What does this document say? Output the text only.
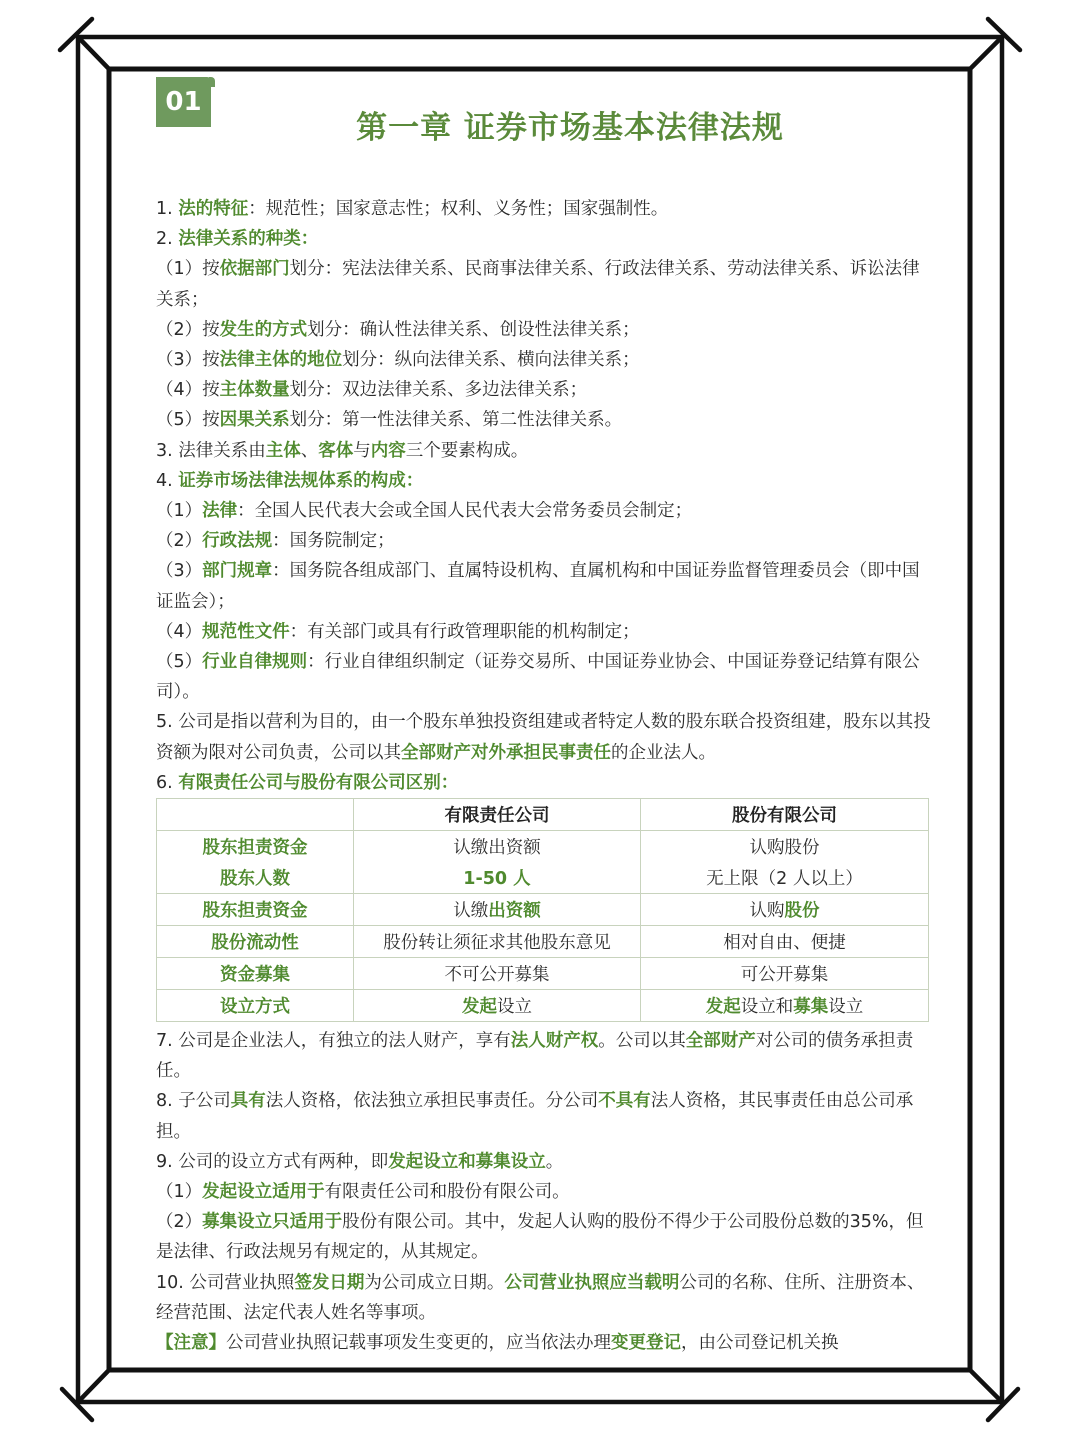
01
第一章 证券市场基本法律法规
1. 法的特征：规范性；国家意志性；权利、义务性；国家强制性。
2. 法律关系的种类：
（1）按依据部门划分：宪法法律关系、民商事法律关系、行政法律关系、劳动法律关系、诉讼法律关系；
（2）按发生的方式划分：确认性法律关系、创设性法律关系；
（3）按法律主体的地位划分：纵向法律关系、横向法律关系；
（4）按主体数量划分：双边法律关系、多边法律关系；
（5）按因果关系划分：第一性法律关系、第二性法律关系。
3. 法律关系由主体、客体与内容三个要素构成。
4. 证券市场法律法规体系的构成：
（1）法律：全国人民代表大会或全国人民代表大会常务委员会制定；
（2）行政法规：国务院制定；
（3）部门规章：国务院各组成部门、直属特设机构、直属机构和中国证券监督管理委员会（即中国证监会）；
（4）规范性文件：有关部门或具有行政管理职能的机构制定；
（5）行业自律规则：行业自律组织制定（证券交易所、中国证券业协会、中国证券登记结算有限公司）。
5. 公司是指以营利为目的，由一个股东单独投资组建或者特定人数的股东联合投资组建，股东以其投资额为限对公司负责，公司以其全部财产对外承担民事责任的企业法人。
6. 有限责任公司与股份有限公司区别：
	有限责任公司	股份有限公司
股东担责资金	认缴出资额	认购股份
股东人数	1-50 人	无上限（2 人以上）
股东担责资金	认缴出资额	认购股份
股份流动性	股份转让须征求其他股东意见	相对自由、便捷
资金募集	不可公开募集	可公开募集
设立方式	发起设立	发起设立和募集设立
7. 公司是企业法人，有独立的法人财产，享有法人财产权。公司以其全部财产对公司的债务承担责任。
8. 子公司具有法人资格，依法独立承担民事责任。分公司不具有法人资格，其民事责任由总公司承担。
9. 公司的设立方式有两种，即发起设立和募集设立。
（1）发起设立适用于有限责任公司和股份有限公司。
（2）募集设立只适用于股份有限公司。其中，发起人认购的股份不得少于公司股份总数的35%，但是法律、行政法规另有规定的，从其规定。
10. 公司营业执照签发日期为公司成立日期。公司营业执照应当载明公司的名称、住所、注册资本、经营范围、法定代表人姓名等事项。
【注意】公司营业执照记载事项发生变更的，应当依法办理变更登记，由公司登记机关换
